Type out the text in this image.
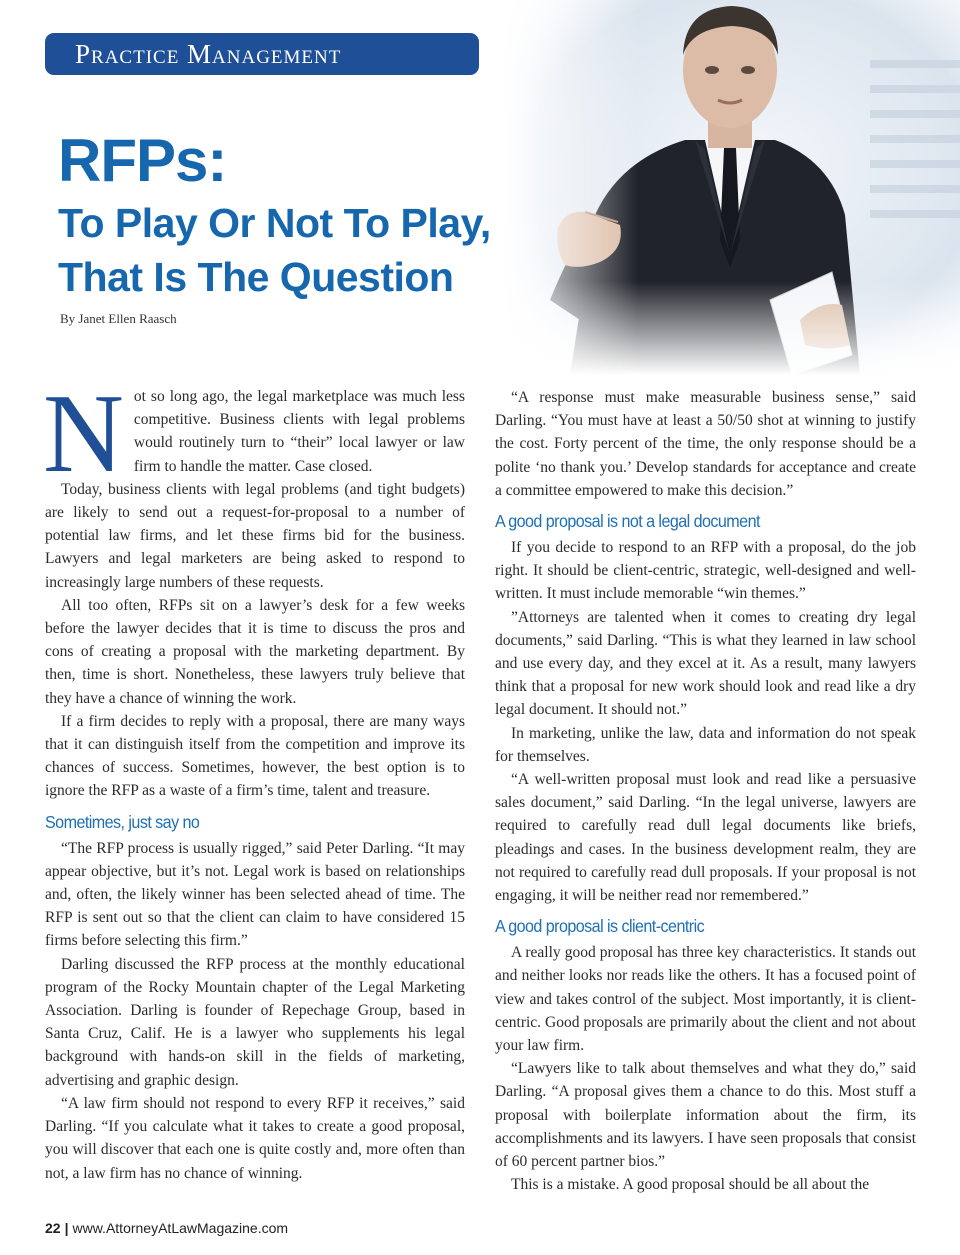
Practice Management
RFPs:
To Play Or Not To Play,
That Is The Question
By Janet Ellen Raasch

Not so long ago, the legal marketplace was much less competitive. Business clients with legal problems would routinely turn to “their” local lawyer or law firm to handle the matter. Case closed.

Today, business clients with legal problems (and tight budgets) are likely to send out a request-for-proposal to a number of potential law firms, and let these firms bid for the business. Lawyers and legal marketers are being asked to respond to increasingly large numbers of these requests.

All too often, RFPs sit on a lawyer’s desk for a few weeks before the lawyer decides that it is time to discuss the pros and cons of creating a proposal with the marketing department. By then, time is short. Nonetheless, these lawyers truly believe that they have a chance of winning the work.

If a firm decides to reply with a proposal, there are many ways that it can distinguish itself from the competition and improve its chances of success. Sometimes, however, the best option is to ignore the RFP as a waste of a firm’s time, talent and treasure.

Sometimes, just say no

“The RFP process is usually rigged,” said Peter Darling. “It may appear objective, but it’s not. Legal work is based on relationships and, often, the likely winner has been selected ahead of time. The RFP is sent out so that the client can claim to have considered 15 firms before selecting this firm.”

Darling discussed the RFP process at the monthly educational program of the Rocky Mountain chapter of the Legal Marketing Association. Darling is founder of Repechage Group, based in Santa Cruz, Calif. He is a lawyer who supplements his legal background with hands-on skill in the fields of marketing, advertising and graphic design.

“A law firm should not respond to every RFP it receives,” said Darling. “If you calculate what it takes to create a good proposal, you will discover that each one is quite costly and, more often than not, a law firm has no chance of winning.

“A response must make measurable business sense,” said Darling. “You must have at least a 50/50 shot at winning to justify the cost. Forty percent of the time, the only response should be a polite ‘no thank you.’ Develop standards for acceptance and create a committee empowered to make this decision.”

A good proposal is not a legal document

If you decide to respond to an RFP with a proposal, do the job right. It should be client-centric, strategic, well-designed and well-written. It must include memorable “win themes.”

”Attorneys are talented when it comes to creating dry legal documents,” said Darling. “This is what they learned in law school and use every day, and they excel at it. As a result, many lawyers think that a proposal for new work should look and read like a dry legal document. It should not.”

In marketing, unlike the law, data and information do not speak for themselves.

“A well-written proposal must look and read like a persuasive sales document,” said Darling. “In the legal universe, lawyers are required to carefully read dull legal documents like briefs, pleadings and cases. In the business development realm, they are not required to carefully read dull proposals. If your proposal is not engaging, it will be neither read nor remembered.”

A good proposal is client-centric

A really good proposal has three key characteristics. It stands out and neither looks nor reads like the others. It has a focused point of view and takes control of the subject. Most importantly, it is client-centric. Good proposals are primarily about the client and not about your law firm.

“Lawyers like to talk about themselves and what they do,” said Darling. “A proposal gives them a chance to do this. Most stuff a proposal with boilerplate information about the firm, its accomplishments and its lawyers. I have seen proposals that consist of 60 percent partner bios.”

This is a mistake. A good proposal should be all about the

22 | www.AttorneyAtLawMagazine.com
